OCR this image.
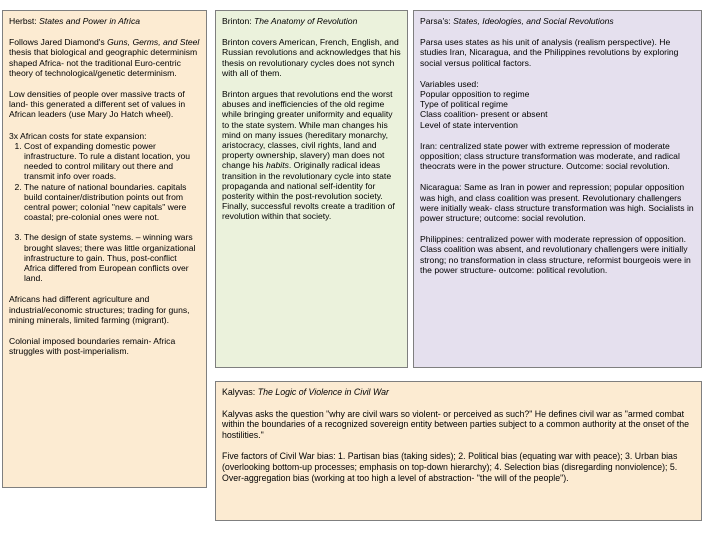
Herbst: States and Power in Africa

Follows Jared Diamond's Guns, Germs, and Steel thesis that biological and geographic determinism shaped Africa- not the traditional Euro-centric theory of technological/genetic determinism.

Low densities of people over massive tracts of land- this generated a different set of values in African leaders (use Mary Jo Hatch wheel).

3x African costs for state expansion:

1. Cost of expanding domestic power infrastructure. To rule a distant location, you needed to control military out there and transmit info over roads.
2. The nature of national boundaries. capitals build container/distribution points out from central power; colonial "new capitals" were coastal; pre-colonial ones were not.
3. The design of state systems. – winning wars brought slaves; there was little organizational infrastructure to gain. Thus, post-conflict Africa differed from European conflicts over land.

Africans had different agriculture and industrial/economic structures; trading for guns, mining minerals, limited farming (migrant).

Colonial imposed boundaries remain- Africa struggles with post-imperialism.

Brinton: The Anatomy of Revolution

Brinton covers American, French, English, and Russian revolutions and acknowledges that his thesis on revolutionary cycles does not synch with all of them.

Brinton argues that revolutions end the worst abuses and inefficiencies of the old regime while bringing greater uniformity and equality to the state system. While man changes his mind on many issues (hereditary monarchy, aristocracy, classes, civil rights, land and property ownership, slavery) man does not change his habits. Originally radical ideas transition in the revolutionary cycle into state propaganda and national self-identity for posterity within the post-revolution society. Finally, successful revolts create a tradition of revolution within that society.

Parsa's: States, Ideologies, and Social Revolutions

Parsa uses states as his unit of analysis (realism perspective). He studies Iran, Nicaragua, and the Philippines revolutions by exploring social versus political factors.

Variables used:

Popular opposition to regime

Type of political regime

Class coalition- present or absent

Level of state intervention

Iran: centralized state power with extreme repression of moderate opposition; class structure transformation was moderate, and radical theocrats were in the power structure. Outcome: social revolution.

Nicaragua: Same as Iran in power and repression; popular opposition was high, and class coalition was present. Revolutionary challengers were initially weak- class structure transformation was high. Socialists in power structure; outcome: social revolution.

Philippines: centralized power with moderate repression of opposition. Class coalition was absent, and revolutionary challengers were initially strong; no transformation in class structure, reformist bourgeois were in the power structure- outcome: political revolution.

Kalyvas: The Logic of Violence in Civil War

Kalyvas asks the question "why are civil wars so violent- or perceived as such?" He defines civil war as "armed combat within the boundaries of a recognized sovereign entity between parties subject to a common authority at the onset of the hostilities."

Five factors of Civil War bias: 1. Partisan bias (taking sides); 2. Political bias (equating war with peace); 3. Urban bias (overlooking bottom-up processes; emphasis on top-down hierarchy); 4. Selection bias (disregarding nonviolence); 5. Over-aggregation bias (working at too high a level of abstraction- "the will of the people").
